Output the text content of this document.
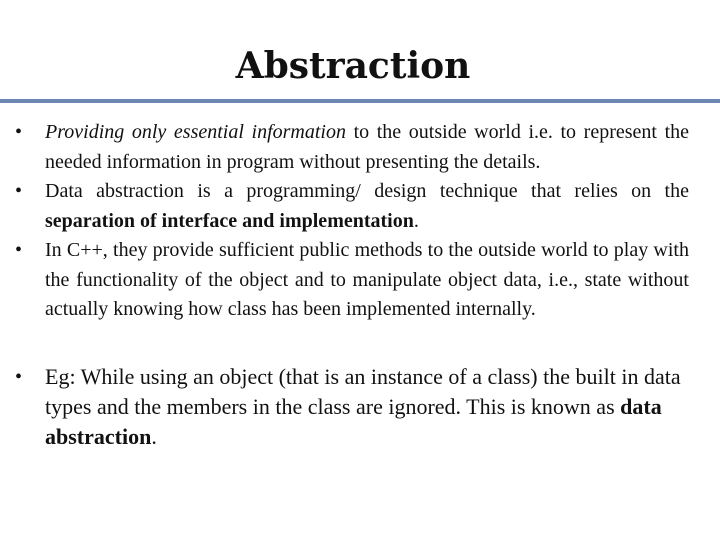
Abstraction
• Providing only essential information to the outside world i.e. to represent the needed information in program without presenting the details.
• Data abstraction is a programming/ design technique that relies on the separation of interface and implementation.
• In C++, they provide sufficient public methods to the outside world to play with the functionality of the object and to manipulate object data, i.e., state without actually knowing how class has been implemented internally.
• Eg: While using an object (that is an instance of a class) the built in data types and the members in the class are ignored. This is known as data abstraction.
